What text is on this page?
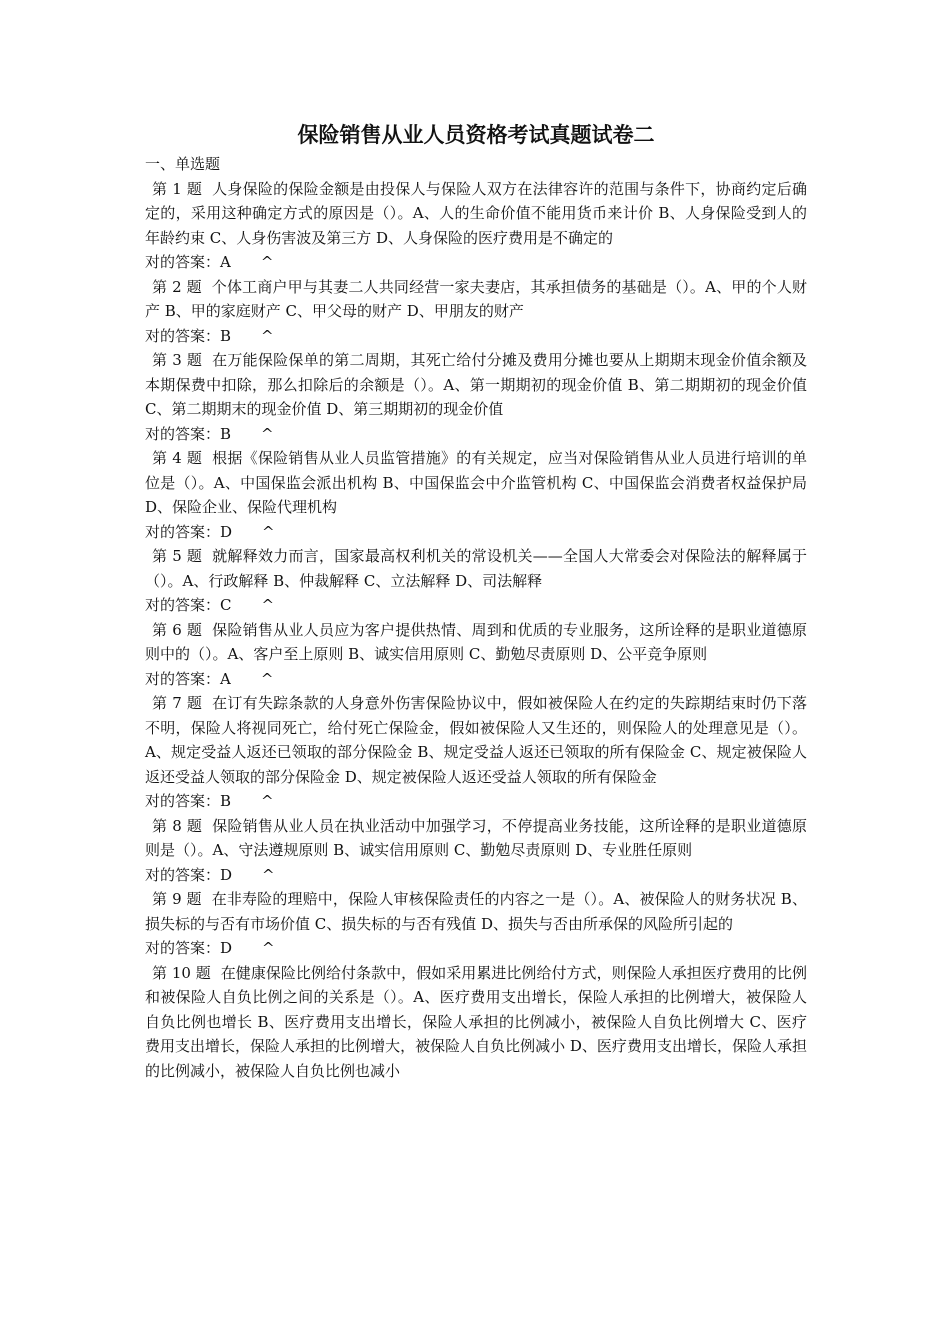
保险销售从业人员资格考试真题试卷二

一、单选题

第 1 题 人身保险的保险金额是由投保人与保险人双方在法律容许的范围与条件下，协商约定后确定的，采用这种确定方式的原因是（）。A、人的生命价值不能用货币来计价 B、人身保险受到人的年龄约束 C、人身伤害波及第三方 D、人身保险的医疗费用是不确定的

对的答案：A ^

第 2 题 个体工商户甲与其妻二人共同经营一家夫妻店，其承担债务的基础是（）。A、甲的个人财产 B、甲的家庭财产 C、甲父母的财产 D、甲朋友的财产

对的答案：B ^

第 3 题 在万能保险保单的第二周期，其死亡给付分摊及费用分摊也要从上期期末现金价值余额及本期保费中扣除，那么扣除后的余额是（）。A、第一期期初的现金价值 B、第二期期初的现金价值 C、第二期期末的现金价值 D、第三期期初的现金价值

对的答案：B ^

第 4 题 根据《保险销售从业人员监管措施》的有关规定，应当对保险销售从业人员进行培训的单位是（）。A、中国保监会派出机构 B、中国保监会中介监管机构 C、中国保监会消费者权益保护局 D、保险企业、保险代理机构

对的答案：D ^

第 5 题 就解释效力而言，国家最高权利机关的常设机关——全国人大常委会对保险法的解释属于（）。A、行政解释 B、仲裁解释 C、立法解释 D、司法解释

对的答案：C ^

第 6 题 保险销售从业人员应为客户提供热情、周到和优质的专业服务，这所诠释的是职业道德原则中的（）。A、客户至上原则 B、诚实信用原则 C、勤勉尽责原则 D、公平竞争原则

对的答案：A ^

第 7 题 在订有失踪条款的人身意外伤害保险协议中，假如被保险人在约定的失踪期结束时仍下落不明，保险人将视同死亡，给付死亡保险金，假如被保险人又生还的，则保险人的处理意见是（）。A、规定受益人返还已领取的部分保险金 B、规定受益人返还已领取的所有保险金 C、规定被保险人返还受益人领取的部分保险金 D、规定被保险人返还受益人领取的所有保险金

对的答案：B ^

第 8 题 保险销售从业人员在执业活动中加强学习，不停提高业务技能，这所诠释的是职业道德原则是（）。A、守法遵规原则 B、诚实信用原则 C、勤勉尽责原则 D、专业胜任原则

对的答案：D ^

第 9 题 在非寿险的理赔中，保险人审核保险责任的内容之一是（）。A、被保险人的财务状况 B、损失标的与否有市场价值 C、损失标的与否有残值 D、损失与否由所承保的风险所引起的

对的答案：D ^

第 10 题 在健康保险比例给付条款中，假如采用累进比例给付方式，则保险人承担医疗费用的比例和被保险人自负比例之间的关系是（）。A、医疗费用支出增长，保险人承担的比例增大，被保险人自负比例也增长 B、医疗费用支出增长，保险人承担的比例减小，被保险人自负比例增大 C、医疗费用支出增长，保险人承担的比例增大，被保险人自负比例减小 D、医疗费用支出增长，保险人承担的比例减小，被保险人自负比例也减小
